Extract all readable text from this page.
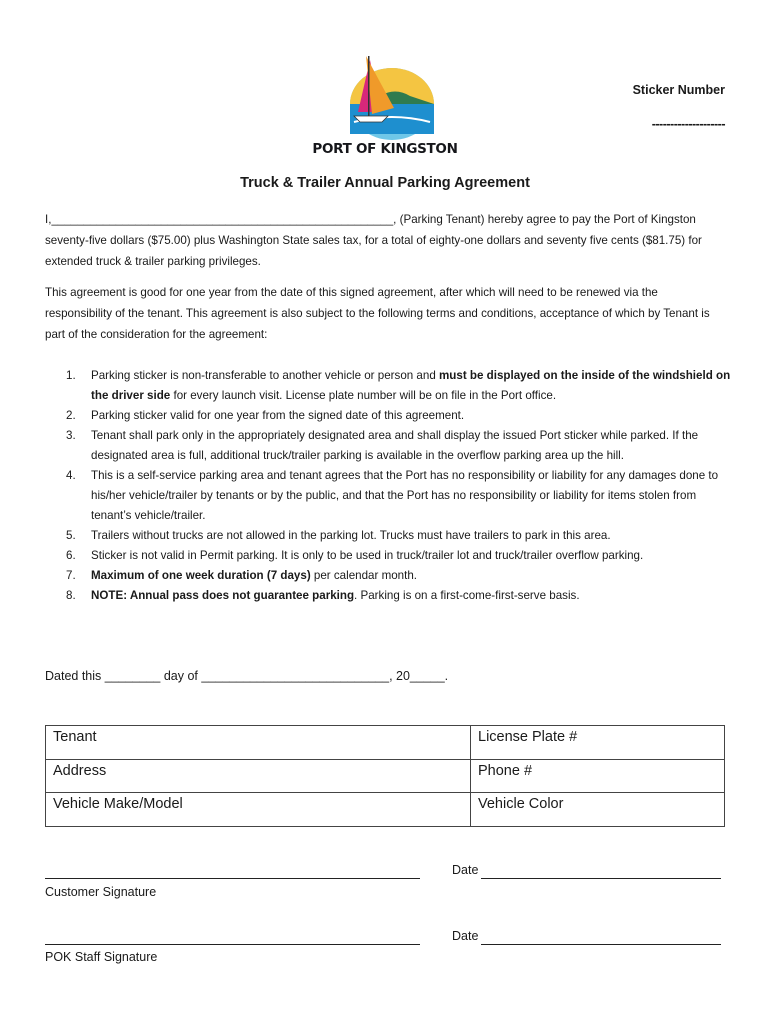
PORT OF KINGSTON
Sticker Number
--------------------
Truck & Trailer Annual Parking Agreement
I,_____________________________________________________, (Parking Tenant) hereby agree to pay the Port of Kingston seventy-five dollars ($75.00) plus Washington State sales tax, for a total of eighty-one dollars and seventy five cents ($81.75) for extended truck & trailer parking privileges.
This agreement is good for one year from the date of this signed agreement, after which will need to be renewed via the responsibility of the tenant. This agreement is also subject to the following terms and conditions, acceptance of which by Tenant is part of the consideration for the agreement:
1. Parking sticker is non-transferable to another vehicle or person and must be displayed on the inside of the windshield on the driver side for every launch visit. License plate number will be on file in the Port office.
2. Parking sticker valid for one year from the signed date of this agreement.
3. Tenant shall park only in the appropriately designated area and shall display the issued Port sticker while parked. If the designated area is full, additional truck/trailer parking is available in the overflow parking area up the hill.
4. This is a self-service parking area and tenant agrees that the Port has no responsibility or liability for any damages done to his/her vehicle/trailer by tenants or by the public, and that the Port has no responsibility or liability for items stolen from tenant’s vehicle/trailer.
5. Trailers without trucks are not allowed in the parking lot. Trucks must have trailers to park in this area.
6. Sticker is not valid in Permit parking. It is only to be used in truck/trailer lot and truck/trailer overflow parking.
7. Maximum of one week duration (7 days) per calendar month.
8. NOTE: Annual pass does not guarantee parking. Parking is on a first-come-first-serve basis.
Dated this ________ day of ___________________________, 20_____.
Tenant	License Plate #
Address	Phone #
Vehicle Make/Model	Vehicle Color
Date
Customer Signature
Date
POK Staff Signature
